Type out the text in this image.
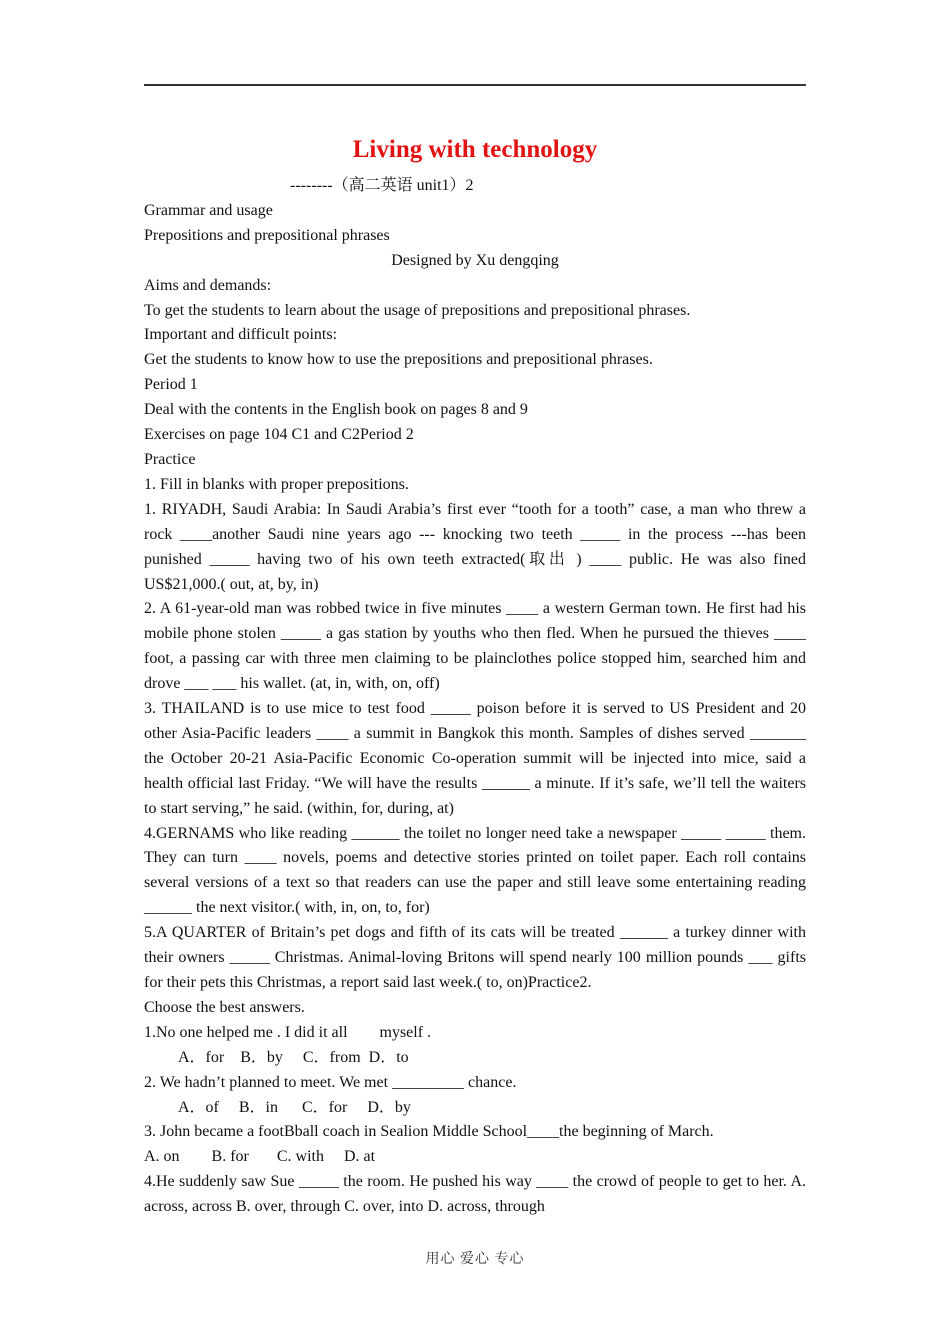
Living with technology

--------（高二英语 unit1）2

Grammar and usage

Prepositions and prepositional phrases

Designed by Xu dengqing

Aims and demands:

To get the students to learn about the usage of prepositions and prepositional phrases.

Important and difficult points:

Get the students to know how to use the prepositions and prepositional phrases.

Period 1

Deal with the contents in the English book on pages 8 and 9

Exercises on page 104 C1 and C2Period 2

Practice

1. Fill in blanks with proper prepositions.

1. RIYADH, Saudi Arabia: In Saudi Arabia’s first ever “tooth for a tooth” case, a man who threw a rock ____another Saudi nine years ago --- knocking two teeth _____ in the process ---has been punished _____ having two of his own teeth extracted(取出 ) ____ public. He was also fined US$21,000.( out, at, by, in)

2. A 61-year-old man was robbed twice in five minutes ____ a western German town. He first had his mobile phone stolen _____ a gas station by youths who then fled. When he pursued the thieves ____ foot, a passing car with three men claiming to be plainclothes police stopped him, searched him and drove ___ ___ his wallet. (at, in, with, on, off)

3. THAILAND is to use mice to test food _____ poison before it is served to US President and 20 other Asia-Pacific leaders ____ a summit in Bangkok this month. Samples of dishes served _______ the October 20-21 Asia-Pacific Economic Co-operation summit will be injected into mice, said a health official last Friday. “We will have the results ______ a minute. If it’s safe, we’ll tell the waiters to start serving,” he said. (within, for, during, at)

4.GERNAMS who like reading ______ the toilet no longer need take a newspaper _____ _____ them. They can turn ____ novels, poems and detective stories printed on toilet paper. Each roll contains several versions of a text so that readers can use the paper and still leave some entertaining reading ______ the next visitor.( with, in, on, to, for)

5.A QUARTER of Britain’s pet dogs and fifth of its cats will be treated ______ a turkey dinner with their owners _____ Christmas. Animal-loving Britons will spend nearly 100 million pounds ___ gifts for their pets this Christmas, a report said last week.( to, on)Practice2.

Choose the best answers.

1.No one helped me . I did it all        myself .

A．for    B．by     C．from  D．to

2. We hadn’t planned to meet. We met _________ chance.

A．of     B．in      C．for     D．by

3. John became a footBball coach in Sealion Middle School____the beginning of March.

A. on        B. for       C. with     D. at

4.He suddenly saw Sue _____ the room. He pushed his way ____ the crowd of people to get to her. A. across, across B. over, through C. over, into D. across, through

用心 爱心 专心
